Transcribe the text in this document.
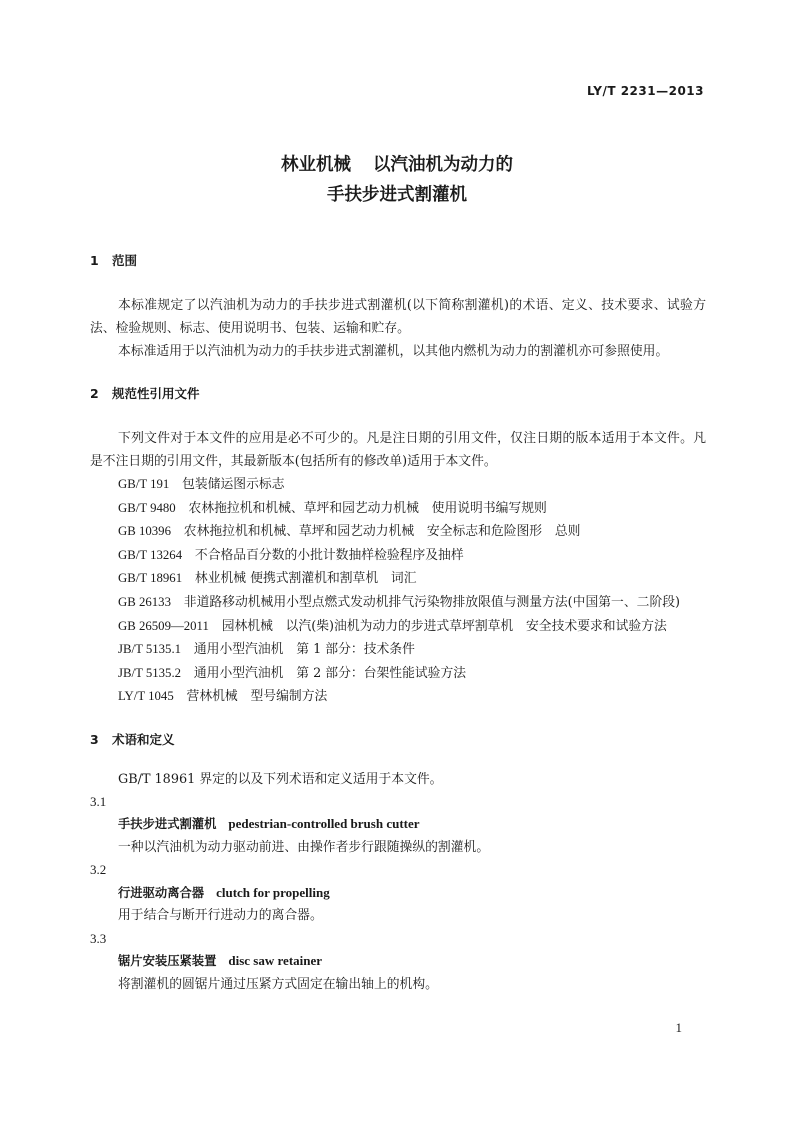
LY/T 2231—2013
林业机械 以汽油机为动力的
手扶步进式割灌机
1 范围
本标准规定了以汽油机为动力的手扶步进式割灌机(以下简称割灌机)的术语、定义、技术要求、试验方法、检验规则、标志、使用说明书、包装、运输和贮存。
本标准适用于以汽油机为动力的手扶步进式割灌机，以其他内燃机为动力的割灌机亦可参照使用。
2 规范性引用文件
下列文件对于本文件的应用是必不可少的。凡是注日期的引用文件，仅注日期的版本适用于本文件。凡是不注日期的引用文件，其最新版本(包括所有的修改单)适用于本文件。
GB/T 191　 包装储运图示标志
GB/T 9480　 农林拖拉机和机械、草坪和园艺动力机械　使用说明书编写规则
GB 10396　 农林拖拉机和机械、草坪和园艺动力机械　安全标志和危险图形　总则
GB/T 13264　 不合格品百分数的小批计数抽样检验程序及抽样
GB/T 18961　 林业机械 便携式割灌机和割草机　词汇
GB 26133　 非道路移动机械用小型点燃式发动机排气污染物排放限值与测量方法(中国第一、二阶段)
GB 26509—2011　 园林机械　以汽(柴)油机为动力的步进式草坪割草机　安全技术要求和试验方法
JB/T 5135.1　 通用小型汽油机　第 1 部分：技术条件
JB/T 5135.2　 通用小型汽油机　第 2 部分：台架性能试验方法
LY/T 1045　 营林机械　型号编制方法
3 术语和定义
GB/T 18961 界定的以及下列术语和定义适用于本文件。
3.1
手扶步进式割灌机 pedestrian-controlled brush cutter
一种以汽油机为动力驱动前进、由操作者步行跟随操纵的割灌机。
3.2
行进驱动离合器 clutch for propelling
用于结合与断开行进动力的离合器。
3.3
锯片安装压紧装置 disc saw retainer
将割灌机的圆锯片通过压紧方式固定在输出轴上的机构。
1
